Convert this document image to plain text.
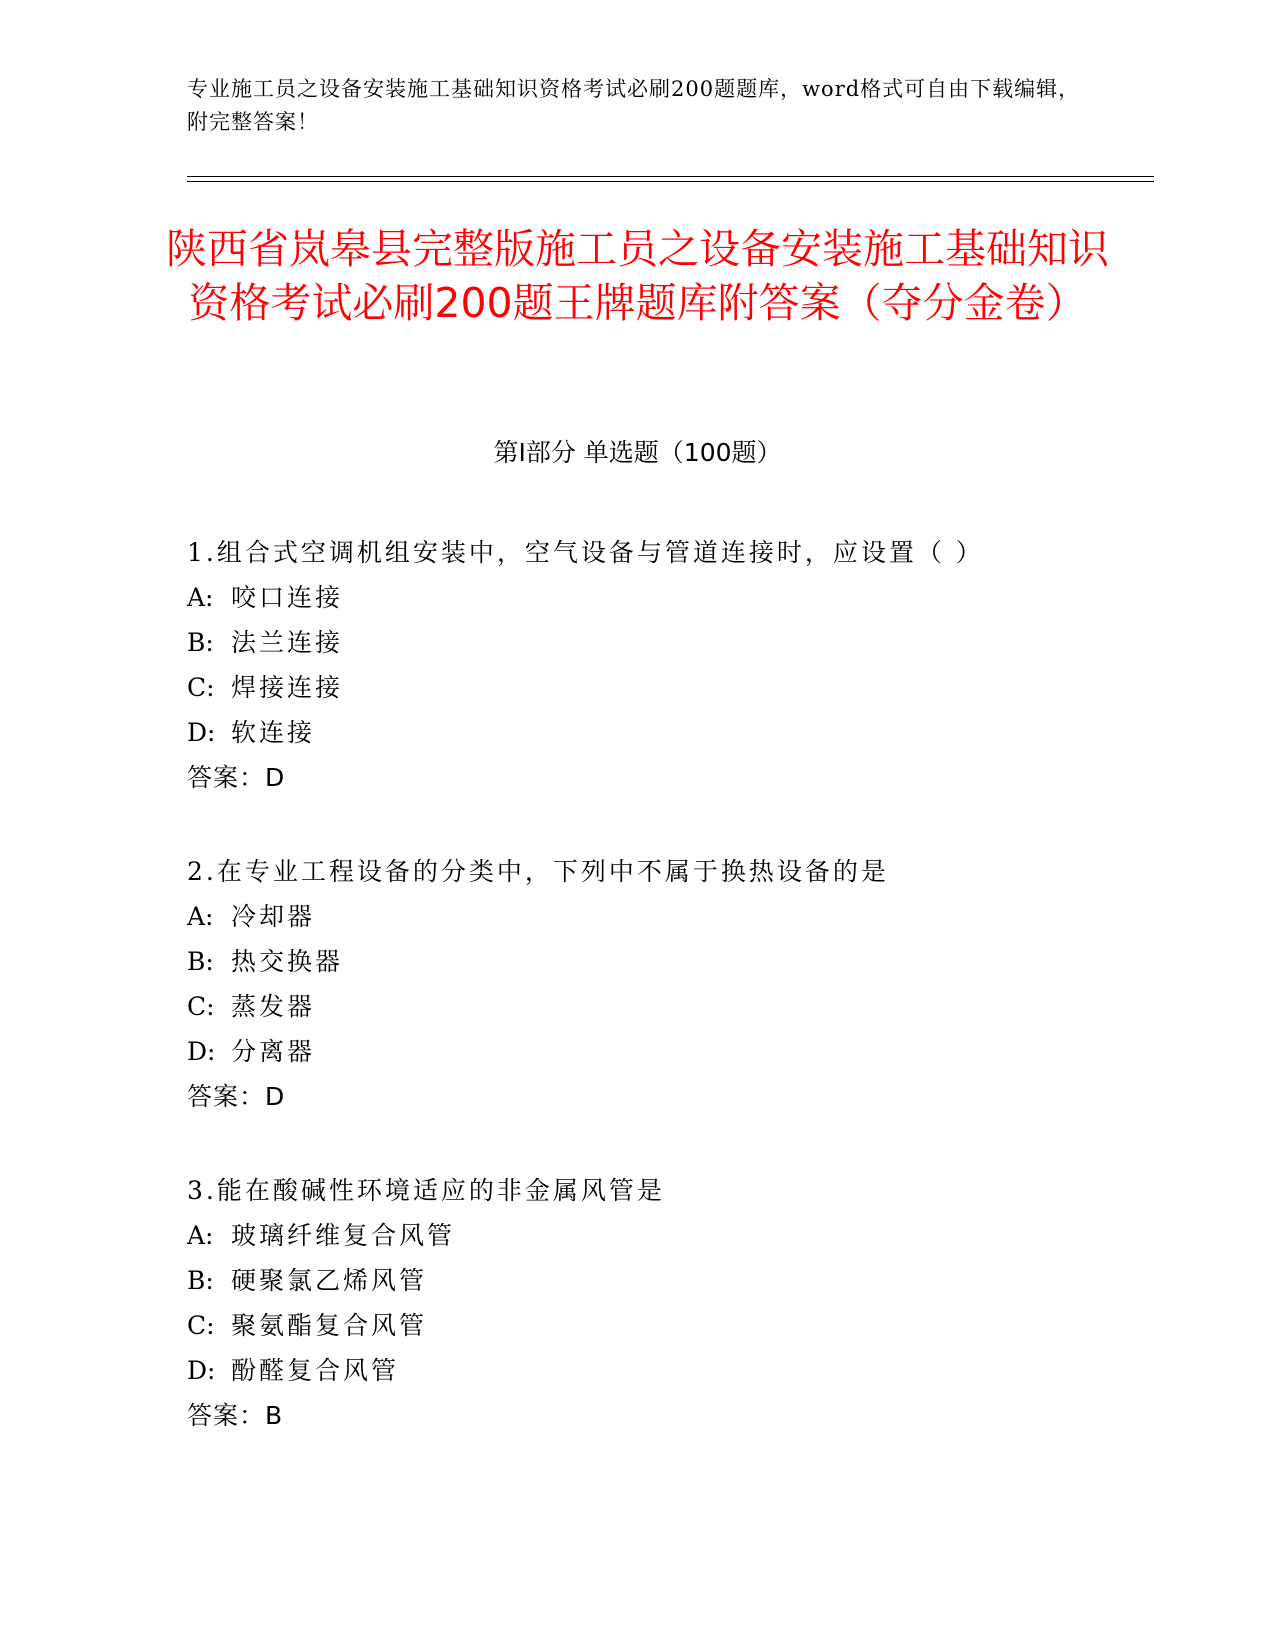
专业施工员之设备安装施工基础知识资格考试必刷200题题库，word格式可自由下载编辑，附完整答案！
陕西省岚皋县完整版施工员之设备安装施工基础知识资格考试必刷200题王牌题库附答案（夺分金卷）
第Ⅰ部分 单选题（100题）
1.组合式空调机组安装中，空气设备与管道连接时，应设置（ ）
A: 咬口连接
B: 法兰连接
C: 焊接连接
D: 软连接
答案：D
2.在专业工程设备的分类中，下列中不属于换热设备的是
A: 冷却器
B: 热交换器
C: 蒸发器
D: 分离器
答案：D
3.能在酸碱性环境适应的非金属风管是
A: 玻璃纤维复合风管
B: 硬聚氯乙烯风管
C: 聚氨酯复合风管
D: 酚醛复合风管
答案：B
